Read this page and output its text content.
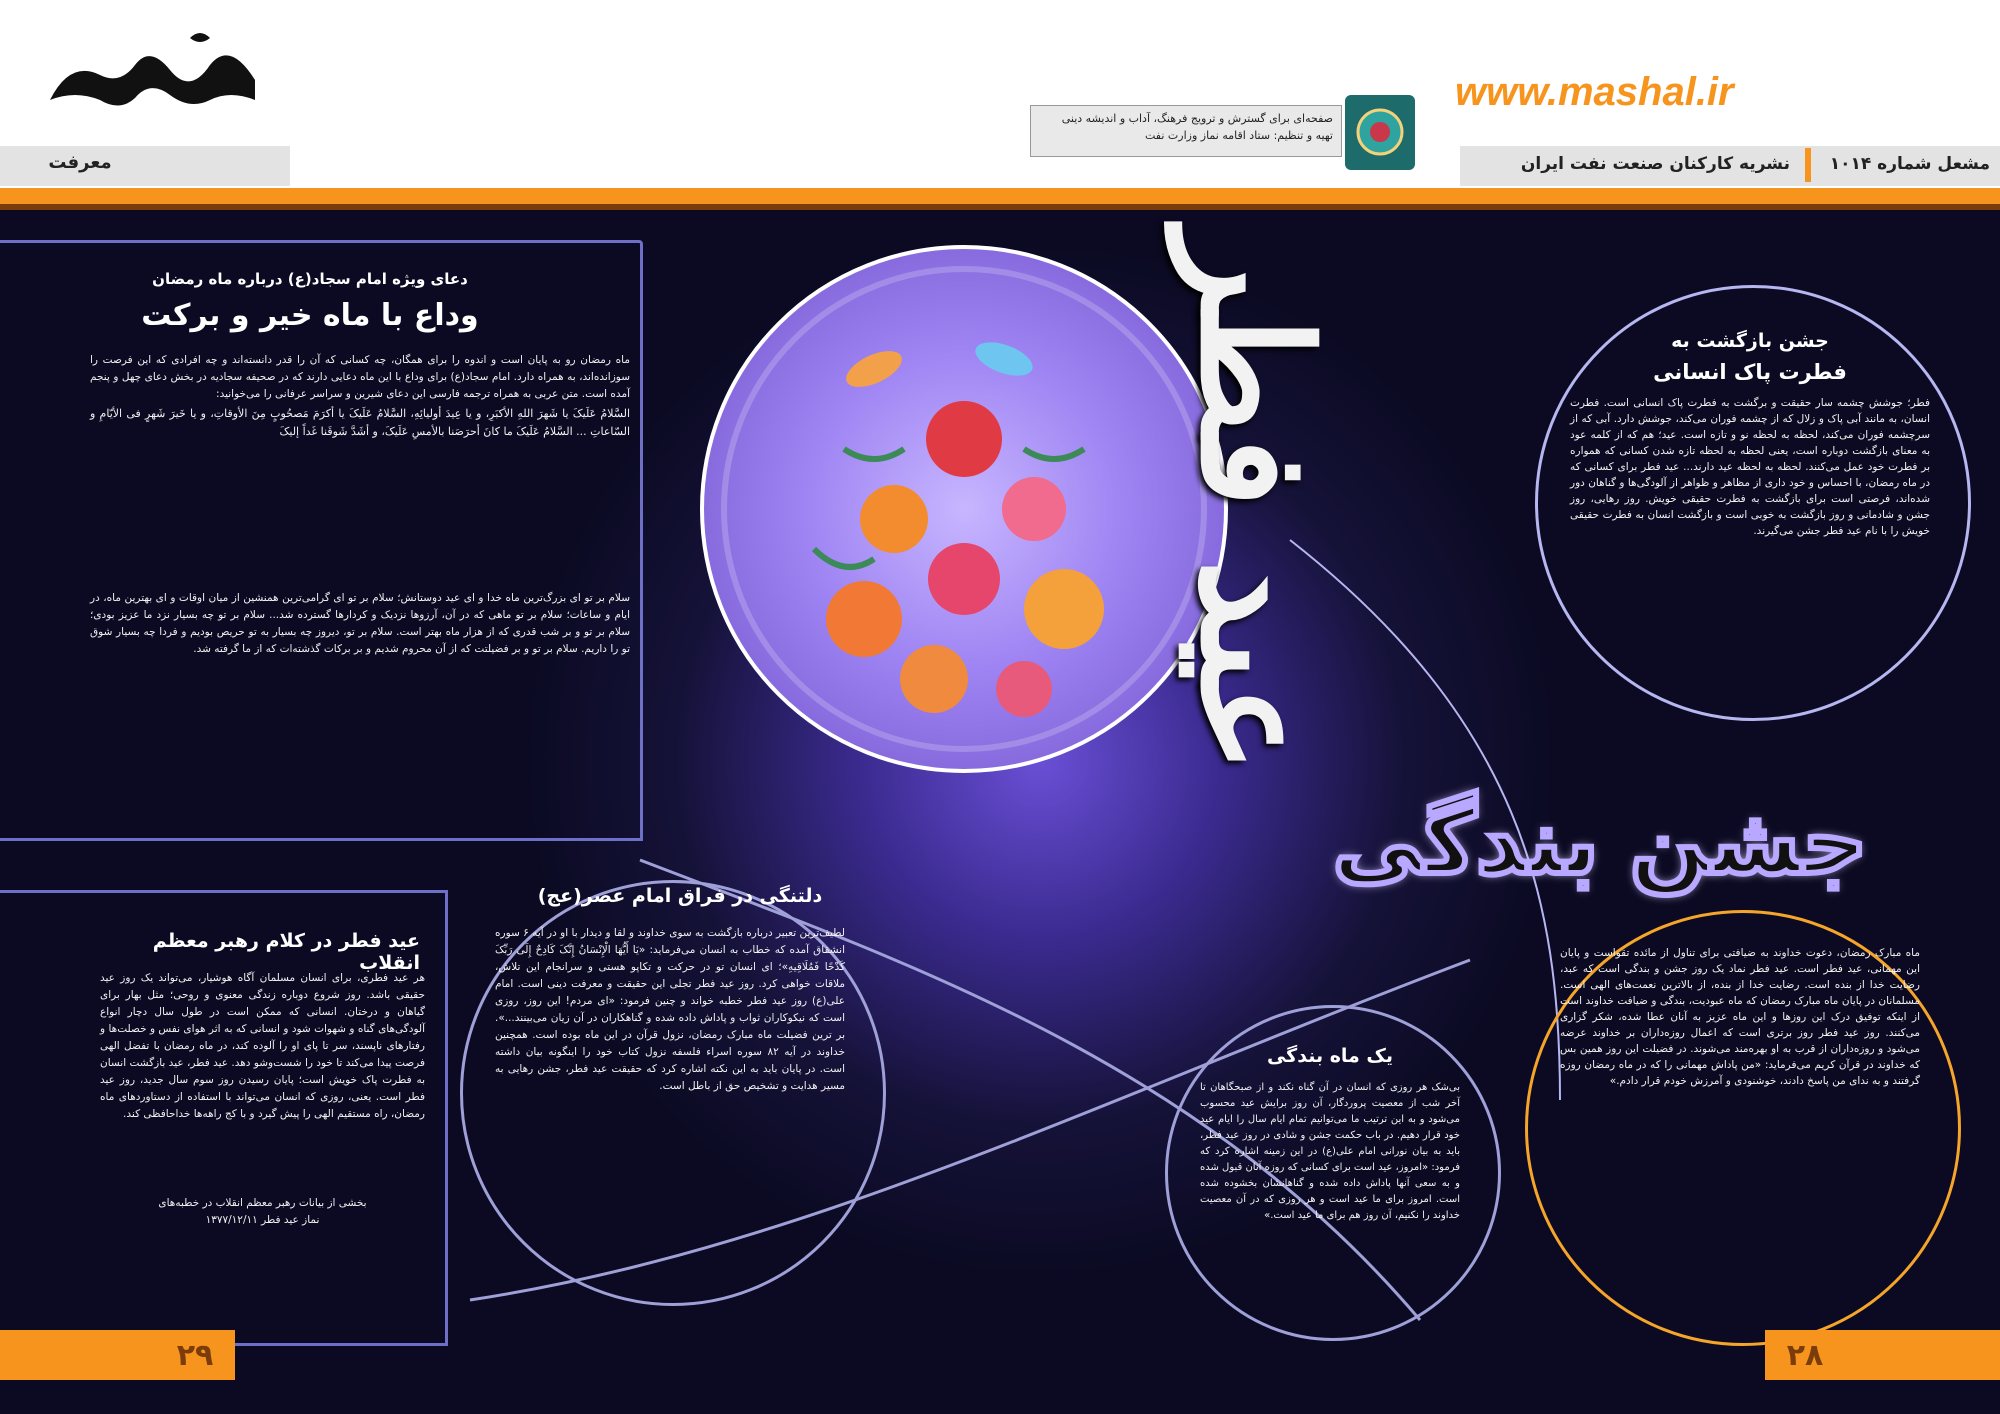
معرفت
www.mashal.ir
صفحه‌ای برای گسترش و ترویج فرهنگ، آداب و اندیشه دینی
تهیه و تنظیم: ستاد اقامه نماز وزارت نفت
مشعل شماره ۱۰۱۴
نشریه کارکنان صنعت نفت ایران
دعای ویژه امام سجاد(ع) درباره ماه رمضان
وداع با ماه خیر و برکت
ماه رمضان رو به پایان است و اندوه را برای همگان، چه کسانی که آن را قدر دانسته‌اند و چه افرادی که این فرصت را سوزانده‌اند، به همراه دارد. امام سجاد(ع) برای وداع با این ماه دعایی دارند که در صحیفه سجادیه در بخش دعای چهل و پنجم آمده است. متن عربی به همراه ترجمه فارسی این دعای شیرین و سراسر عرفانی را می‌خوانید:
السَّلامُ عَلَیکَ یا شَهرَ اللهِ الأکبَرِ، و یا عِیدَ أولیائِهِ، السَّلامُ عَلَیکَ یا أکرَمَ مَصحُوبٍ مِنَ الأوقاتِ، و یا خَیرَ شَهرٍ فی الأیّامِ و السّاعاتِ ... السَّلامُ عَلَیکَ ما کانَ أحرَصَنا بالأمسِ عَلَیکَ، و أشَدَّ شَوقَنا غَداً إلیکَ
سلام بر تو ای بزرگ‌ترین ماه خدا و ای عید دوستانش؛ سلام بر تو ای گرامی‌ترین همنشین از میان اوقات و ای بهترین ماه، در ایام و ساعات؛ سلام بر تو ماهی که در آن، آرزوها نزدیک و کردارها گسترده شد... سلام بر تو چه بسیار نزد ما عزیز بودی؛ سلام بر تو و بر شب قدری که از هزار ماه بهتر است. سلام بر تو، دیروز چه بسیار به تو حریص بودیم و فردا چه بسیار شوق تو را داریم. سلام بر تو و بر فضیلتت که از آن محروم شدیم و بر برکات گذشته‌ات که از ما گرفته شد.
عید فطر در کلام رهبر معظم انقلاب
هر عید فطری، برای انسان مسلمان آگاه هوشیار، می‌تواند یک روز عید حقیقی باشد. روز شروع دوباره زندگی معنوی و روحی؛ مثل بهار برای گیاهان و درختان. انسانی که ممکن است در طول سال دچار انواع آلودگی‌های گناه و شهوات شود و انسانی که به اثر هوای نفس و خصلت‌ها و رفتارهای ناپسند، سر تا پای او را آلوده کند، در ماه رمضان با تفضل الهی فرصت پیدا می‌کند تا خود را شست‌وشو دهد. عید فطر، عید بازگشت انسان به فطرت پاک خویش است؛ پایان رسیدن روز سوم سال جدید، روز عید فطر است. یعنی، روزی که انسان می‌تواند با استفاده از دستاوردهای ماه رمضان، راه مستقیم الهی را پیش گیرد و با کج راهه‌ها خداحافظی کند.
بخشی از بیانات رهبر معظم انقلاب در خطبه‌های
نماز عید فطر ۱۳۷۷/۱۲/۱۱
عید فطر
جشن بندگی
جشن بازگشت به
فطرت پاک انسانی
فطر؛ جوشش چشمه سار حقیقت و برگشت به فطرت پاک انسانی است. فطرت انسان، به مانند آبی پاک و زلال که از چشمه فوران می‌کند، جوشش دارد. آبی که از سرچشمه فوران می‌کند، لحظه به لحظه نو و تازه است. عید؛ هم که از کلمه عود به معنای بازگشت دوباره است، یعنی لحظه به لحظه تازه‌ شدن کسانی که همواره بر فطرت خود عمل می‌کنند. لحظه به لحظه عید دارند... عید فطر برای کسانی که در ماه رمضان، با احساس و خود داری از مظاهر و ظواهر از آلودگی‌ها و گناهان دور شده‌اند، فرصتی است برای بازگشت به فطرت حقیقی خویش. روز رهایی، روز جشن و شادمانی و روز بازگشت به خوبی است و بازگشت انسان به فطرت حقیقی خویش را با نام عید فطر جشن می‌گیرند.
ماه مبارک رمضان، دعوت خداوند به ضیافتی برای تناول از مائده تقواست و پایان این مهمانی، عید فطر است. عید فطر نماد یک روز جشن و بندگی است که عبد، رضایت خدا از بنده است. رضایت خدا از بنده، از بالاترین نعمت‌های الهی است. مسلمانان در پایان ماه مبارک رمضان که ماه عبودیت، بندگی و ضیافت خداوند است از اینکه توفیق درک این روزها و این ماه عزیز به آنان عطا شده، شکر گزاری می‌کنند. روز عید فطر روز برتری است که اعمال روزه‌داران بر خداوند عرضه می‌شود و روزه‌داران از قرب به او بهره‌مند می‌شوند. در فضیلت این روز همین بس که خداوند در قرآن کریم می‌فرماید: «من پاداش مهمانی را که در ماه رمضان روزه گرفتند و به ندای من پاسخ دادند، خوشنودی و آمرزش خودم قرار دادم.»
یک ماه بندگی
بی‌شک هر روزی که انسان در آن گناه نکند و از صبحگاهان تا آخر شب از معصیت پروردگار، آن روز برایش عید محسوب می‌شود و به این ترتیب ما می‌توانیم تمام ایام سال را ایام عید خود قرار دهیم. در باب حکمت جشن و شادی در روز عید فطر، باید به بیان نورانی امام علی(ع) در این زمینه اشاره کرد که فرمود: «امروز، عید است برای کسانی که روزه آنان قبول شده و به سعی آنها پاداش داده شده و گناهانشان بخشوده شده است. امروز برای ما عید است و هر روزی که در آن معصیت خداوند را نکنیم، آن روز هم برای ما عید است.»
دلتنگی در فراق امام عصر(عج)
لطیف‌ترین تعبیر درباره بازگشت به سوی خداوند و لقا و دیدار با او در آیه ۶ سوره انشقاق آمده که خطاب به انسان می‌فرماید: «یَا أَیُّهَا الْإِنْسَانُ إِنَّکَ کَادِحٌ إِلَی رَبِّکَ کَدْحًا فَمُلَاقِیهِ»؛ ای انسان تو در حرکت و تکاپو هستی و سرانجام این تلاش، ملاقات خواهی کرد. روز عید فطر تجلی این حقیقت و معرفت دینی است. امام علی(ع) روز عید فطر خطبه خواند و چنین فرمود: «ای مردم! این روز، روزی است که نیکوکاران ثواب و پاداش داده شده و گناهکاران در آن زیان می‌بینند...». بر ترین فضیلت ماه مبارک رمضان، نزول قرآن در این ماه بوده است. همچنین خداوند در آیه ۸۲ سوره اسراء فلسفه نزول کتاب خود را اینگونه بیان داشته است. در پایان باید به این نکته اشاره کرد که حقیقت عید فطر، جشن رهایی به مسیر هدایت و تشخیص حق از باطل است.
۲۹	۲۸
